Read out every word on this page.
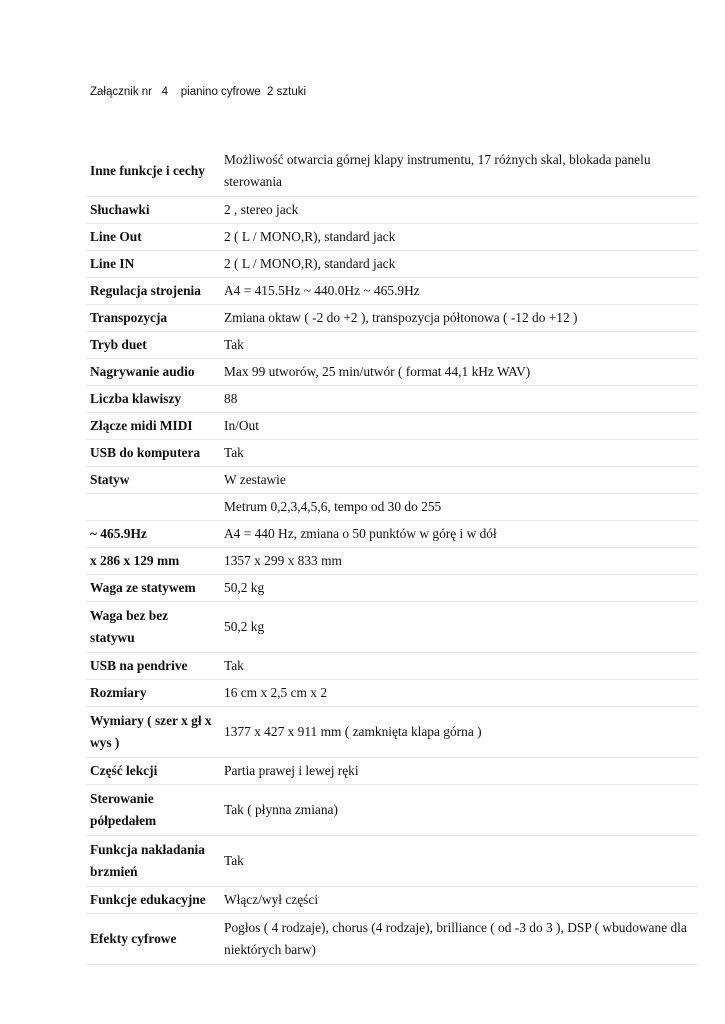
Załącznik nr   4    pianino cyfrowe  2 sztuki
Inne funkcje i cechy	Możliwość otwarcia górnej klapy instrumentu, 17 różnych skal, blokada panelu sterowania
Słuchawki	2 , stereo jack
Line Out	2 ( L / MONO,R), standard jack
Line IN	2 ( L / MONO,R), standard jack
Regulacja strojenia	A4 = 415.5Hz ~ 440.0Hz ~ 465.9Hz
Transpozycja	Zmiana oktaw ( -2 do +2 ), transpozycja półtonowa ( -12 do +12 )
Tryb duet	Tak
Nagrywanie audio	Max 99 utworów, 25 min/utwór ( format 44,1 kHz WAV)
Liczba klawiszy	88
Złącze midi MIDI	In/Out
USB do komputera	Tak
Statyw	W zestawie
	Metrum 0,2,3,4,5,6, tempo od 30 do 255
~ 465.9Hz	A4 = 440 Hz, zmiana o 50 punktów w górę i w dół
x 286 x 129 mm	1357 x 299 x 833 mm
Waga ze statywem	50,2 kg
Waga bez bez statywu	50,2 kg
USB na pendrive	Tak
Rozmiary	16 cm x 2,5 cm x 2
Wymiary ( szer x gł x wys )	1377 x 427 x 911 mm ( zamknięta klapa górna )
Część lekcji	Partia prawej i lewej ręki
Sterowanie półpedałem	Tak ( płynna zmiana)
Funkcja nakładania brzmień	Tak
Funkcje edukacyjne	Włącz/wył części
Efekty cyfrowe	Pogłos ( 4 rodzaje), chorus (4 rodzaje), brilliance ( od -3 do 3 ), DSP ( wbudowane dla niektórych barw)
